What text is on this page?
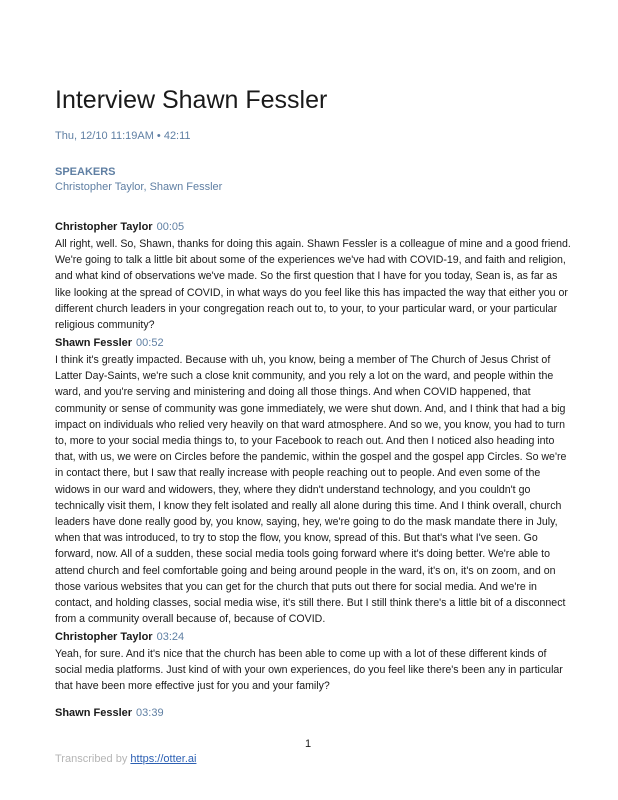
Interview Shawn Fessler
Thu, 12/10 11:19AM • 42:11
SPEAKERS
Christopher Taylor, Shawn Fessler
Christopher Taylor 00:05
All right, well. So, Shawn, thanks for doing this again. Shawn Fessler is a colleague of mine and a good friend. We're going to talk a little bit about some of the experiences we've had with COVID-19, and faith and religion, and what kind of observations we've made. So the first question that I have for you today, Sean is, as far as like looking at the spread of COVID, in what ways do you feel like this has impacted the way that either you or different church leaders in your congregation reach out to, to your, to your particular ward, or your particular religious community?
Shawn Fessler 00:52
I think it's greatly impacted. Because with uh, you know, being a member of The Church of Jesus Christ of Latter Day-Saints, we're such a close knit community, and you rely a lot on the ward, and people within the ward, and you're serving and ministering and doing all those things. And when COVID happened, that community or sense of community was gone immediately, we were shut down. And, and I think that had a big impact on individuals who relied very heavily on that ward atmosphere. And so we, you know, you had to turn to, more to your social media things to, to your Facebook to reach out. And then I noticed also heading into that, with us, we were on Circles before the pandemic, within the gospel and the gospel app Circles. So we're in contact there, but I saw that really increase with people reaching out to people. And even some of the widows in our ward and widowers, they, where they didn't understand technology, and you couldn't go technically visit them, I know they felt isolated and really all alone during this time. And I think overall, church leaders have done really good by, you know, saying, hey, we're going to do the mask mandate there in July, when that was introduced, to try to stop the flow, you know, spread of this. But that's what I've seen. Go forward, now. All of a sudden, these social media tools going forward where it's doing better. We're able to attend church and feel comfortable going and being around people in the ward, it's on, it's on zoom, and on those various websites that you can get for the church that puts out there for social media. And we're in contact, and holding classes, social media wise, it's still there. But I still think there's a little bit of a disconnect from a community overall because of, because of COVID.
Christopher Taylor 03:24
Yeah, for sure. And it's nice that the church has been able to come up with a lot of these different kinds of social media platforms. Just kind of with your own experiences, do you feel like there's been any in particular that have been more effective just for you and your family?
Shawn Fessler 03:39
1
Transcribed by https://otter.ai
